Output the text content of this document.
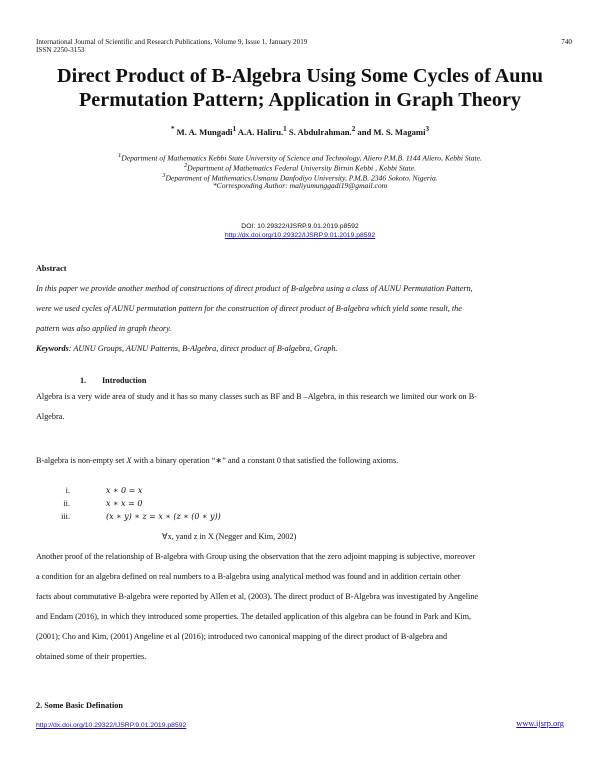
International Journal of Scientific and Research Publications, Volume 9, Issue 1, January 2019
ISSN 2250-3153
740
Direct Product of B-Algebra Using Some Cycles of Aunu
Permutation Pattern; Application in Graph Theory
* M. A. Mungadi$^1$ A.A. Haliru.$^1$ S. Abdulrahman.$^2$ and M. S. Magami$^3$
$^1$Department of Mathematics Kebbi State University of Science and Technology, Aliero P.M.B. 1144 Aliero, Kebbi State.
$^2$Department of Mathematics Federal University Birnin Kebbi , Kebbi State.
$^3$Department of Mathematics,Usmanu Danfodiyo University, P.M.B. 2346 Sokoto, Nigeria.
*Corresponding Author: maliyumunggadi19@gmail.com
DOI: 10.29322/IJSRP.9.01.2019.p8592
http://dx.doi.org/10.29322/IJSRP.9.01.2019.p8592
Abstract
In this paper we provide another method of constructions of direct product of B-algebra using a class of AUNU Permutation Pattern,
were we used cycles of AUNU permutation pattern for the construction of direct product of B-algebra which yield some result, the
pattern was also applied in graph theory.
Keywords: AUNU Groups, AUNU Patterns, B-Algebra, direct product of B-algebra, Graph.
1. Introduction
Algebra is a very wide area of study and it has so many classes such as BF and B –Algebra, in this research we limited our work on B-
Algebra.
B-algebra is non-empty set X with a binary operation “∗” and a constant 0 that satisfied the following axioms.
i.	x ∗ 0 = x
ii.	x ∗ x = 0
iii.	(x ∗ y) ∗ z = x ∗ (z ∗ (0 ∗ y))
∀x, yand z in X (Negger and Kim, 2002)
Another proof of the relationship of B-algebra with Group using the observation that the zero adjoint mapping is subjective, moreover
a condition for an algebra defined on real numbers to a B-algebra using analytical method was found and in addition certain other
facts about commutative B-algebra were reported by Allen et al, (2003). The direct product of B-Algebra was investigated by Angeline
and Endam (2016), in which they introduced some properties. The detailed application of this algebra can be found in Park and Kim,
(2001); Cho and Kim, (2001) Angeline et al (2016); introduced two canonical mapping of the direct product of B-algebra and
obtained some of their properties.
2. Some Basic Defination
http://dx.doi.org/10.29322/IJSRP.9.01.2019.p8592	www.ijsrp.org
